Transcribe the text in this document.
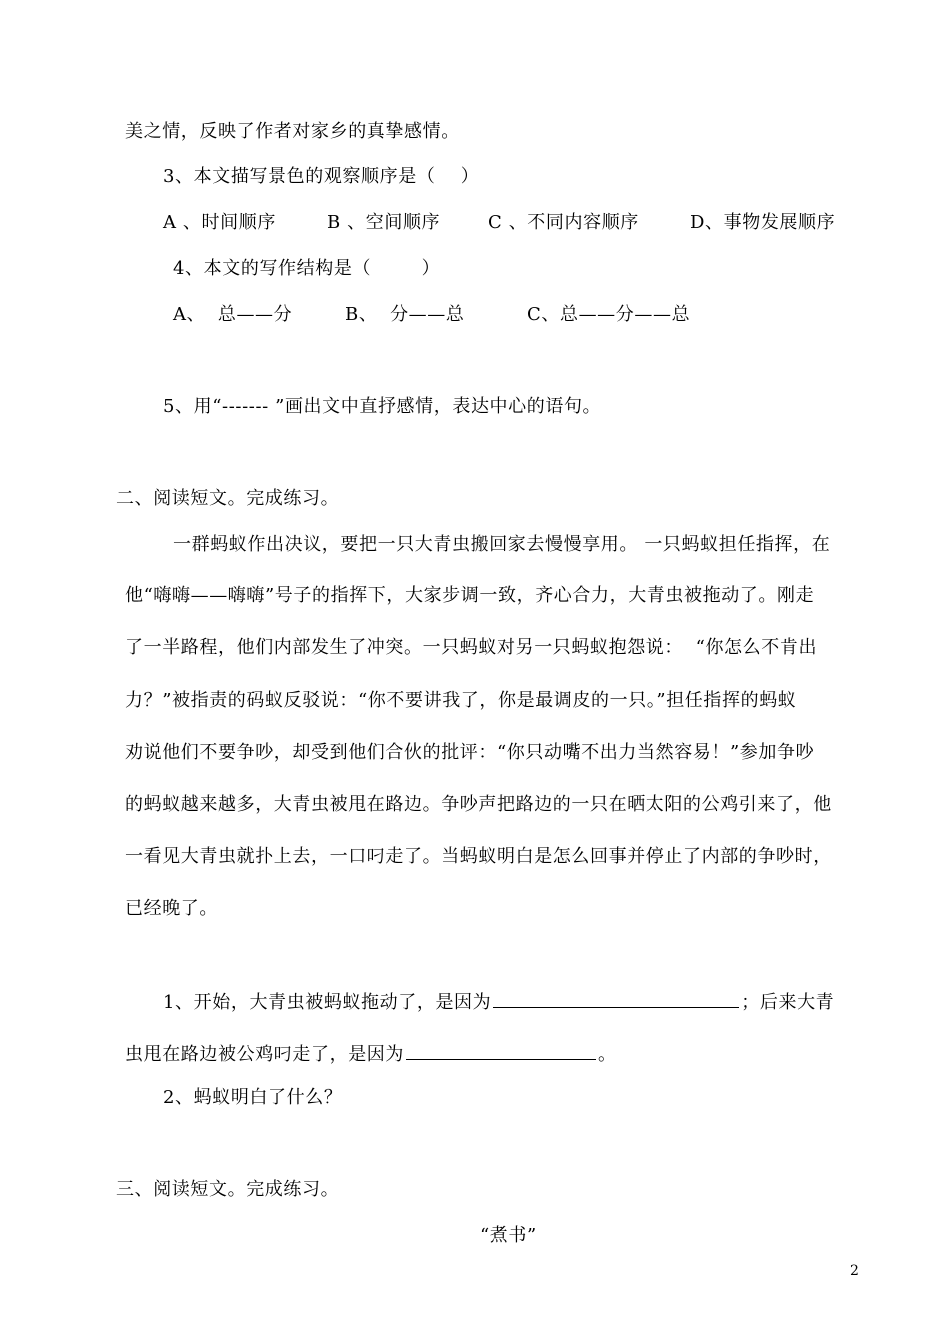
美之情，反映了作者对家乡的真挚感情。
3、本文描写景色的观察顺序是（    ）
A 、时间顺序	B 、空间顺序	C 、不同内容顺序	D、事物发展顺序
4、本文的写作结构是（        ）
A、  总——分	B、  分——总	C、总——分——总
5、用“------- ”画出文中直抒感情，表达中心的语句。
二、阅读短文。完成练习。
一群蚂蚁作出决议，要把一只大青虫搬回家去慢慢享用。 一只蚂蚁担任指挥，在
他“嗨嗨——嗨嗨”号子的指挥下，大家步调一致，齐心合力，大青虫被拖动了。刚走
了一半路程，他们内部发生了冲突。一只蚂蚁对另一只蚂蚁抱怨说：  “你怎么不肯出
力？”被指责的码蚁反驳说：“你不要讲我了，你是最调皮的一只。”担任指挥的蚂蚁
劝说他们不要争吵，却受到他们合伙的批评：“你只动嘴不出力当然容易！”参加争吵
的蚂蚁越来越多，大青虫被甩在路边。争吵声把路边的一只在晒太阳的公鸡引来了，他
一看见大青虫就扑上去，一口叼走了。当蚂蚁明白是怎么回事并停止了内部的争吵时，
已经晚了。
1、开始，大青虫被蚂蚁拖动了，是因为	；后来大青
虫甩在路边被公鸡叼走了，是因为	。
2、蚂蚁明白了什么？
三、阅读短文。完成练习。
“煮书”
2
